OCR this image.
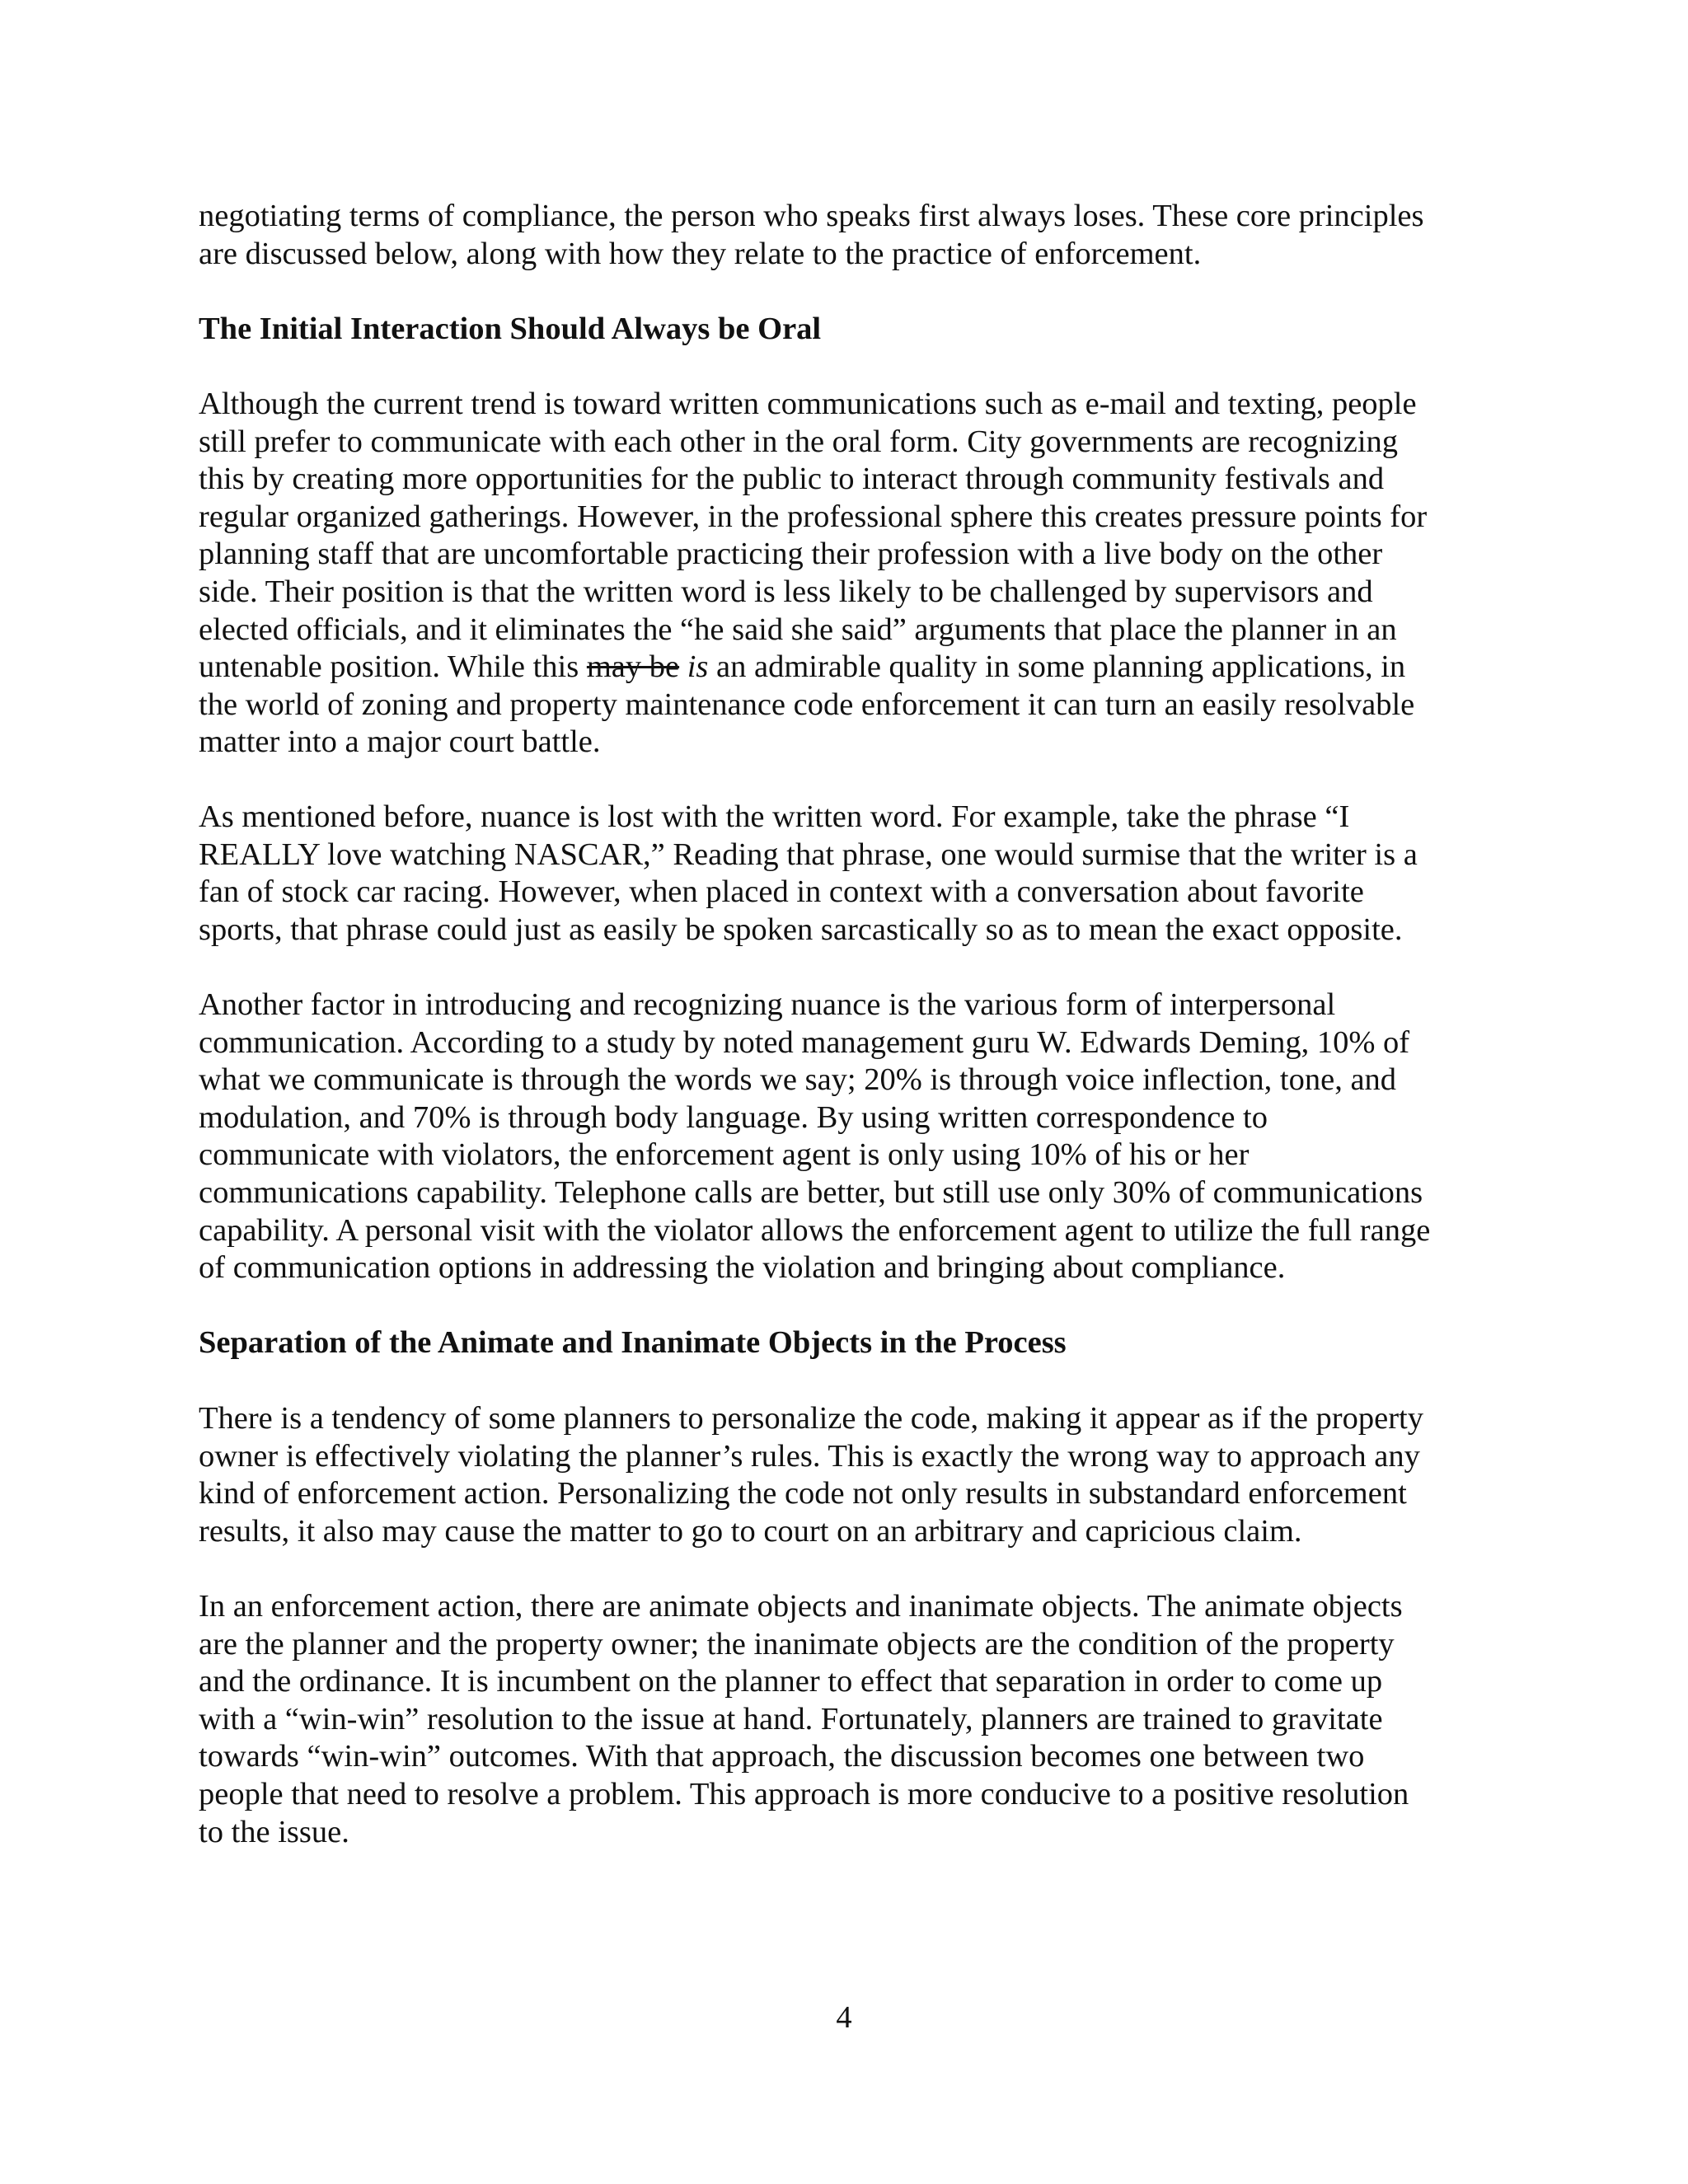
negotiating terms of compliance, the person who speaks first always loses. These core principles
are discussed below, along with how they relate to the practice of enforcement.

The Initial Interaction Should Always be Oral

Although the current trend is toward written communications such as e-mail and texting, people
still prefer to communicate with each other in the oral form. City governments are recognizing
this by creating more opportunities for the public to interact through community festivals and
regular organized gatherings. However, in the professional sphere this creates pressure points for
planning staff that are uncomfortable practicing their profession with a live body on the other
side. Their position is that the written word is less likely to be challenged by supervisors and
elected officials, and it eliminates the “he said she said” arguments that place the planner in an
untenable position. While this may be is an admirable quality in some planning applications, in
the world of zoning and property maintenance code enforcement it can turn an easily resolvable
matter into a major court battle.

As mentioned before, nuance is lost with the written word. For example, take the phrase “I
REALLY love watching NASCAR,” Reading that phrase, one would surmise that the writer is a
fan of stock car racing. However, when placed in context with a conversation about favorite
sports, that phrase could just as easily be spoken sarcastically so as to mean the exact opposite.

Another factor in introducing and recognizing nuance is the various form of interpersonal
communication. According to a study by noted management guru W. Edwards Deming, 10% of
what we communicate is through the words we say; 20% is through voice inflection, tone, and
modulation, and 70% is through body language. By using written correspondence to
communicate with violators, the enforcement agent is only using 10% of his or her
communications capability. Telephone calls are better, but still use only 30% of communications
capability. A personal visit with the violator allows the enforcement agent to utilize the full range
of communication options in addressing the violation and bringing about compliance.

Separation of the Animate and Inanimate Objects in the Process

There is a tendency of some planners to personalize the code, making it appear as if the property
owner is effectively violating the planner’s rules. This is exactly the wrong way to approach any
kind of enforcement action. Personalizing the code not only results in substandard enforcement
results, it also may cause the matter to go to court on an arbitrary and capricious claim.

In an enforcement action, there are animate objects and inanimate objects. The animate objects
are the planner and the property owner; the inanimate objects are the condition of the property
and the ordinance. It is incumbent on the planner to effect that separation in order to come up
with a “win-win” resolution to the issue at hand. Fortunately, planners are trained to gravitate
towards “win-win” outcomes. With that approach, the discussion becomes one between two
people that need to resolve a problem. This approach is more conducive to a positive resolution
to the issue.

4
